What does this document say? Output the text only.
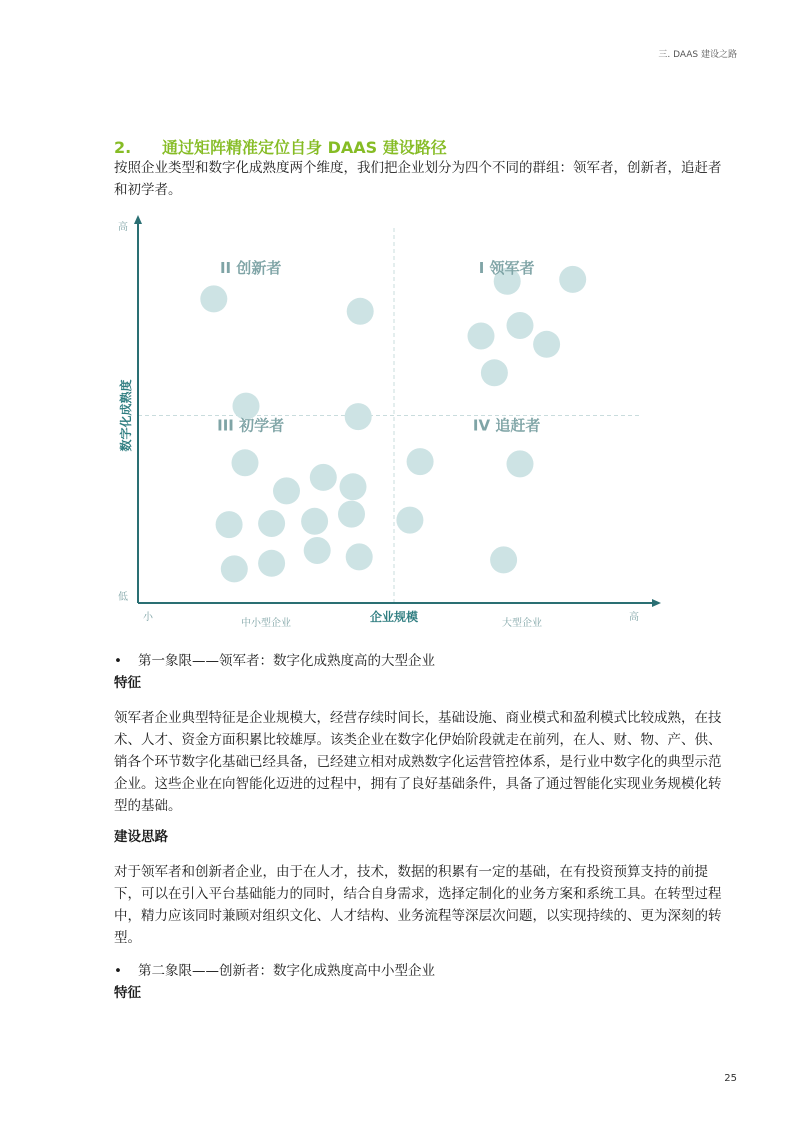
三. DAAS 建设之路
2. 通过矩阵精准定位自身 DAAS 建设路径

按照企业类型和数字化成熟度两个维度，我们把企业划分为四个不同的群组：领军者，创新者，追赶者和初学者。

II 创新者	I 领军者
III 初学者	IV 追赶者
高
低
小	高
中小型企业	大型企业
企业规模
数字化成熟度
• 第一象限——领军者：数字化成熟度高的大型企业
特征

领军者企业典型特征是企业规模大，经营存续时间长，基础设施、商业模式和盈利模式比较成熟，在技术、人才、资金方面积累比较雄厚。该类企业在数字化伊始阶段就走在前列，在人、财、物、产、供、销各个环节数字化基础已经具备，已经建立相对成熟数字化运营管控体系，是行业中数字化的典型示范企业。这些企业在向智能化迈进的过程中，拥有了良好基础条件，具备了通过智能化实现业务规模化转型的基础。

建设思路

对于领军者和创新者企业，由于在人才，技术，数据的积累有一定的基础，在有投资预算支持的前提下，可以在引入平台基础能力的同时，结合自身需求，选择定制化的业务方案和系统工具。在转型过程中，精力应该同时兼顾对组织文化、人才结构、业务流程等深层次问题，以实现持续的、更为深刻的转型。

• 第二象限——创新者：数字化成熟度高中小型企业
特征
25
